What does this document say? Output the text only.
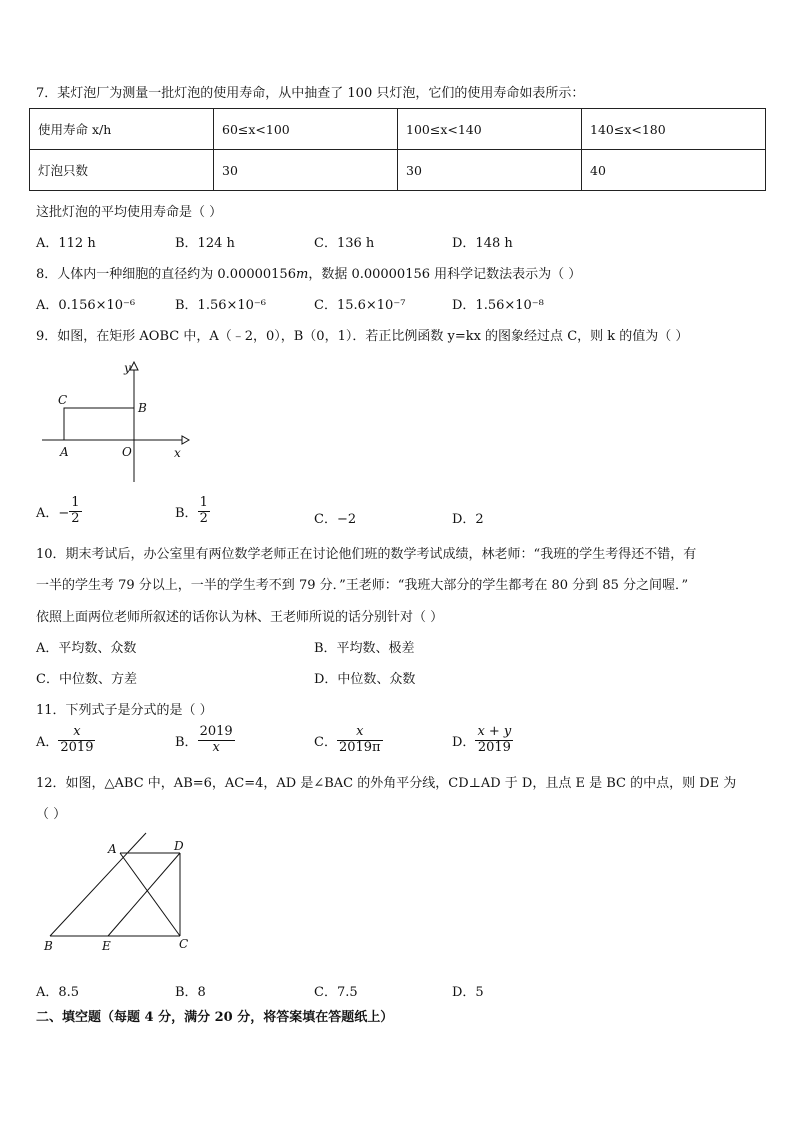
7．某灯泡厂为测量一批灯泡的使用寿命，从中抽查了 100 只灯泡，它们的使用寿命如表所示：
使用寿命 x/h	60≤x<100	100≤x<140	140≤x<180
灯泡只数	30	30	40
这批灯泡的平均使用寿命是（ ）
A．112 h	B．124 h	C．136 h	D．148 h
8．人体内一种细胞的直径约为 0.00000156m，数据 0.00000156 用科学记数法表示为（ ）
A．0.156×10⁻⁶	B．1.56×10⁻⁶	C．15.6×10⁻⁷	D．1.56×10⁻⁸
9．如图，在矩形 AOBC 中，A（﹣2，0），B（0，1）．若正比例函数 y=kx 的图象经过点 C，则 k 的值为（ ）
y
x
C
B
A	O
A．− $\frac{1}{2}$	B． $\frac{1}{2}$	C．−2	D．2
10．期末考试后，办公室里有两位数学老师正在讨论他们班的数学考试成绩，林老师：“我班的学生考得还不错，有
一半的学生考 79 分以上，一半的学生考不到 79 分．”王老师：“我班大部分的学生都考在 80 分到 85 分之间喔．”
依照上面两位老师所叙述的话你认为林、王老师所说的话分别针对（ ）
A．平均数、众数	B．平均数、极差
C．中位数、方差	D．中位数、众数
11．下列式子是分式的是（ ）
A． $\frac{x}{2019}$	B． $\frac{2019}{x}$	C． $\frac{x}{2019\pi}$	D． $\frac{x + y}{2019}$
12．如图，△ABC 中，AB=6，AC=4，AD 是∠BAC 的外角平分线，CD⊥AD 于 D，且点 E 是 BC 的中点，则 DE 为
（ ）
A	D
B	E	C
A．8.5	B．8	C．7.5	D．5
二、填空题（每题 4 分，满分 20 分，将答案填在答题纸上）
